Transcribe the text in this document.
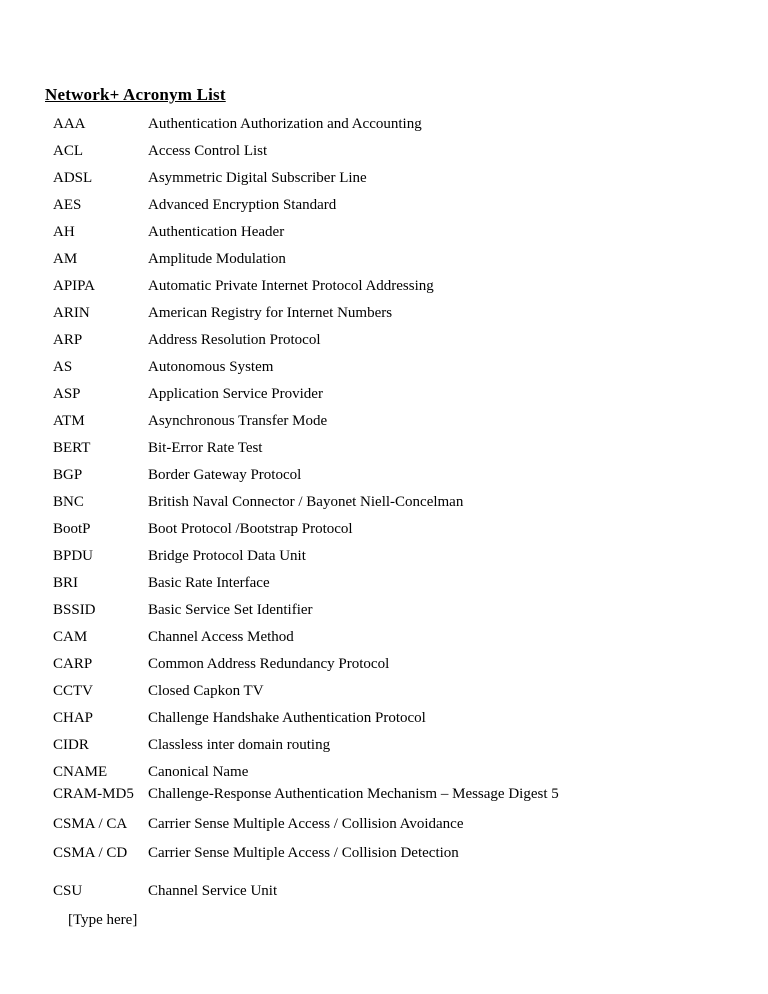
Network+ Acronym List
AAA	Authentication Authorization and Accounting
ACL	Access Control List
ADSL	Asymmetric Digital Subscriber Line
AES	Advanced Encryption Standard
AH	Authentication Header
AM	Amplitude Modulation
APIPA	Automatic Private Internet Protocol Addressing
ARIN	American Registry for Internet Numbers
ARP	Address Resolution Protocol
AS	Autonomous System
ASP	Application Service Provider
ATM	Asynchronous Transfer Mode
BERT	Bit-Error Rate Test
BGP	Border Gateway Protocol
BNC	British Naval Connector / Bayonet Niell-Concelman
BootP	Boot Protocol /Bootstrap Protocol
BPDU	Bridge Protocol Data Unit
BRI	Basic Rate Interface
BSSID	Basic Service Set Identifier
CAM	Channel Access Method
CARP	Common Address Redundancy Protocol
CCTV	Closed Capkon TV
CHAP	Challenge Handshake Authentication Protocol
CIDR	Classless inter domain routing
CNAME	Canonical Name
CRAM-MD5 Challenge-Response Authentication Mechanism – Message Digest 5
CSMA / CA	Carrier Sense Multiple Access / Collision Avoidance
CSMA / CD	Carrier Sense Multiple Access / Collision Detection
CSU	Channel Service Unit
[Type here]
